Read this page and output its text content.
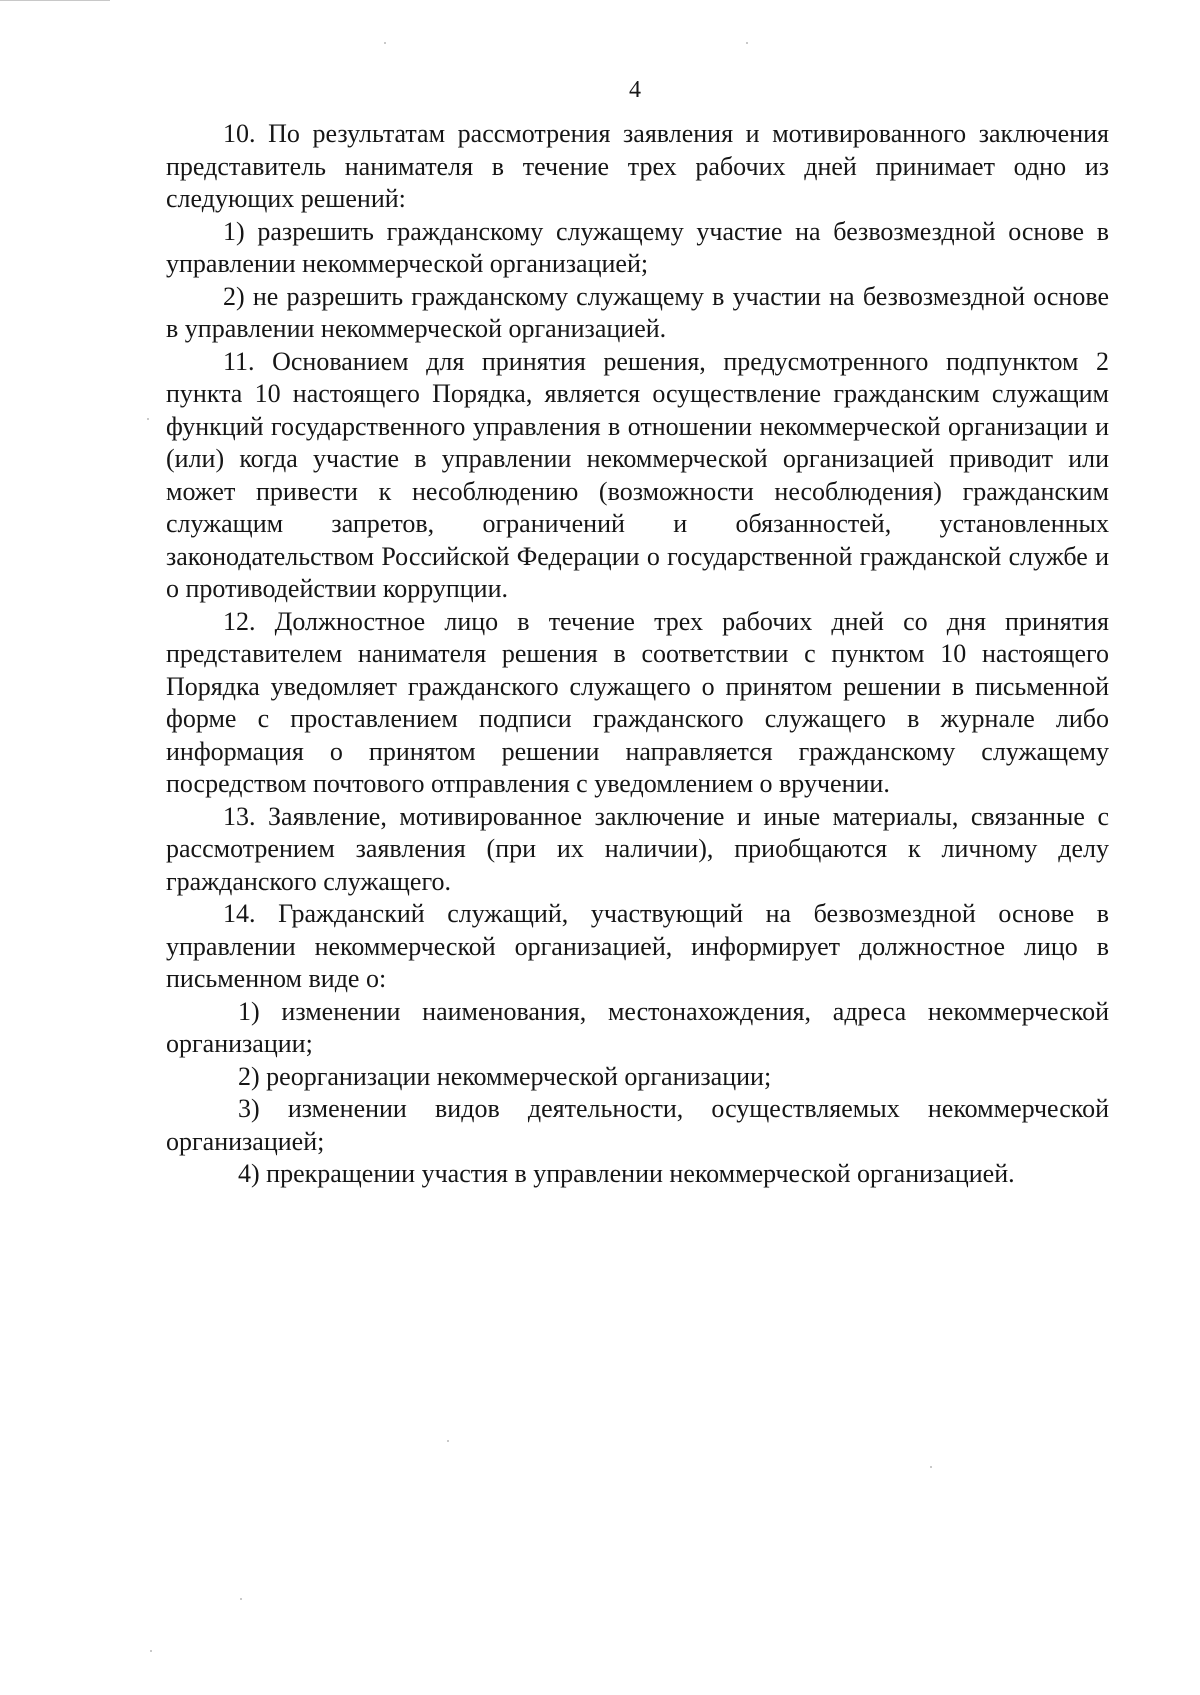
4

10. По результатам рассмотрения заявления и мотивированного заключения представитель нанимателя в течение трех рабочих дней принимает одно из следующих решений:

1) разрешить гражданскому служащему участие на безвозмездной основе в управлении некоммерческой организацией;

2) не разрешить гражданскому служащему в участии на безвозмездной основе в управлении некоммерческой организацией.

11. Основанием для принятия решения, предусмотренного подпунктом 2 пункта 10 настоящего Порядка, является осуществление гражданским служащим функций государственного управления в отношении некоммерческой организации и (или) когда участие в управлении некоммерческой организацией приводит или может привести к несоблюдению (возможности несоблюдения) гражданским служащим запретов, ограничений и обязанностей, установленных законодательством Российской Федерации о государственной гражданской службе и о противодействии коррупции.

12. Должностное лицо в течение трех рабочих дней со дня принятия представителем нанимателя решения в соответствии с пунктом 10 настоящего Порядка уведомляет гражданского служащего о принятом решении в письменной форме с проставлением подписи гражданского служащего в журнале либо информация о принятом решении направляется гражданскому служащему посредством почтового отправления с уведомлением о вручении.

13. Заявление, мотивированное заключение и иные материалы, связанные с рассмотрением заявления (при их наличии), приобщаются к личному делу гражданского служащего.

14. Гражданский служащий, участвующий на безвозмездной основе в управлении некоммерческой организацией, информирует должностное лицо в письменном виде о:

1) изменении наименования, местонахождения, адреса некоммерческой организации;

2) реорганизации некоммерческой организации;

3) изменении видов деятельности, осуществляемых некоммерческой организацией;

4) прекращении участия в управлении некоммерческой организацией.
